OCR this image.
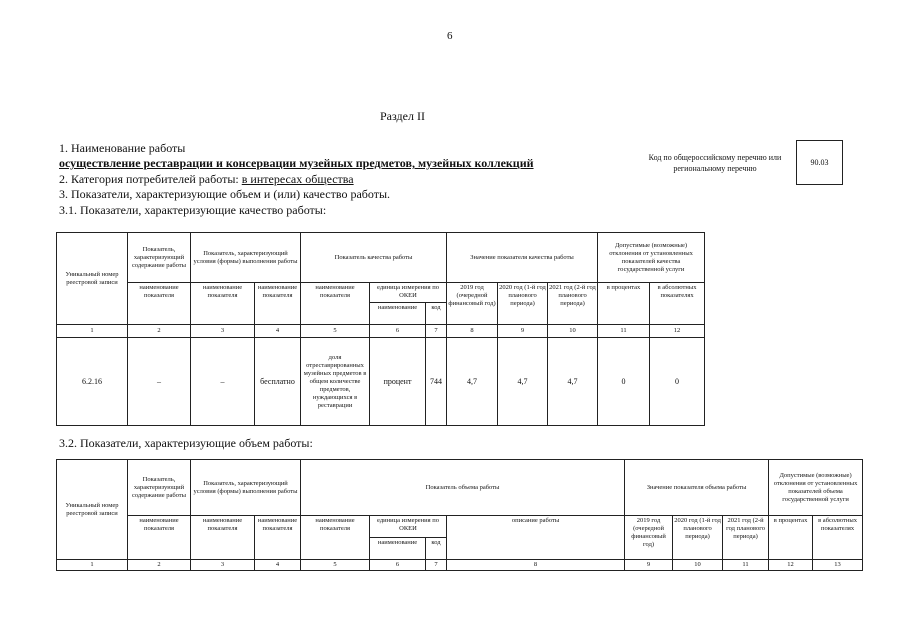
6
Раздел II
1. Наименование работы
осуществление реставрации и консервации музейных предметов, музейных коллекций
2. Категория потребителей работы: в интересах общества
3. Показатели, характеризующие объем и (или) качество работы.
3.1. Показатели, характеризующие качество работы:
Код по общероссийскому перечню или региональному перечню
90.03
Уникальный номер реестровой записи	Показатель, характеризующий содержание работы	Показатель, характеризующий условия (формы) выполнения работы		Показатель качества работы			Значение показателя качества работы			Допустимые (возможные) отклонения от установленных показателей качества государственной услуги	
	наименование показателя	наименование показателя	наименование показателя	наименование показателя	единица измерения по ОКЕИ		2019 год (очередной финансовый год)	2020 год (1-й год планового периода)	2021 год (2-й год планового периода)	в процентах	в абсолютных показателях
					наименование	код					
1	2	3	4	5	6	7	8	9	10	11	12
6.2.16	–	–	бесплатно	доля отреставрированных музейных предметов в общем количестве предметов, нуждающихся в реставрации	процент	744	4,7	4,7	4,7	0	0
3.2. Показатели, характеризующие объем работы:
Уникальный номер реестровой записи	Показатель, характеризующий содержание работы	Показатель, характеризующий условия (формы) выполнения работы		Показатель объема работы				Значение показателя объема работы			Допустимые (возможные) отклонения от установленных показателей объема государственной услуги	
	наименование показателя	наименование показателя	наименование показателя	наименование показателя	единица измерения по ОКЕИ		описание работы	2019 год (очередной финансовый год)	2020 год (1-й год планового периода)	2021 год (2-й год планового периода)	в процентах	в абсолютных показателях
					наименование	код						
1	2	3	4	5	6	7	8	9	10	11	12	13
